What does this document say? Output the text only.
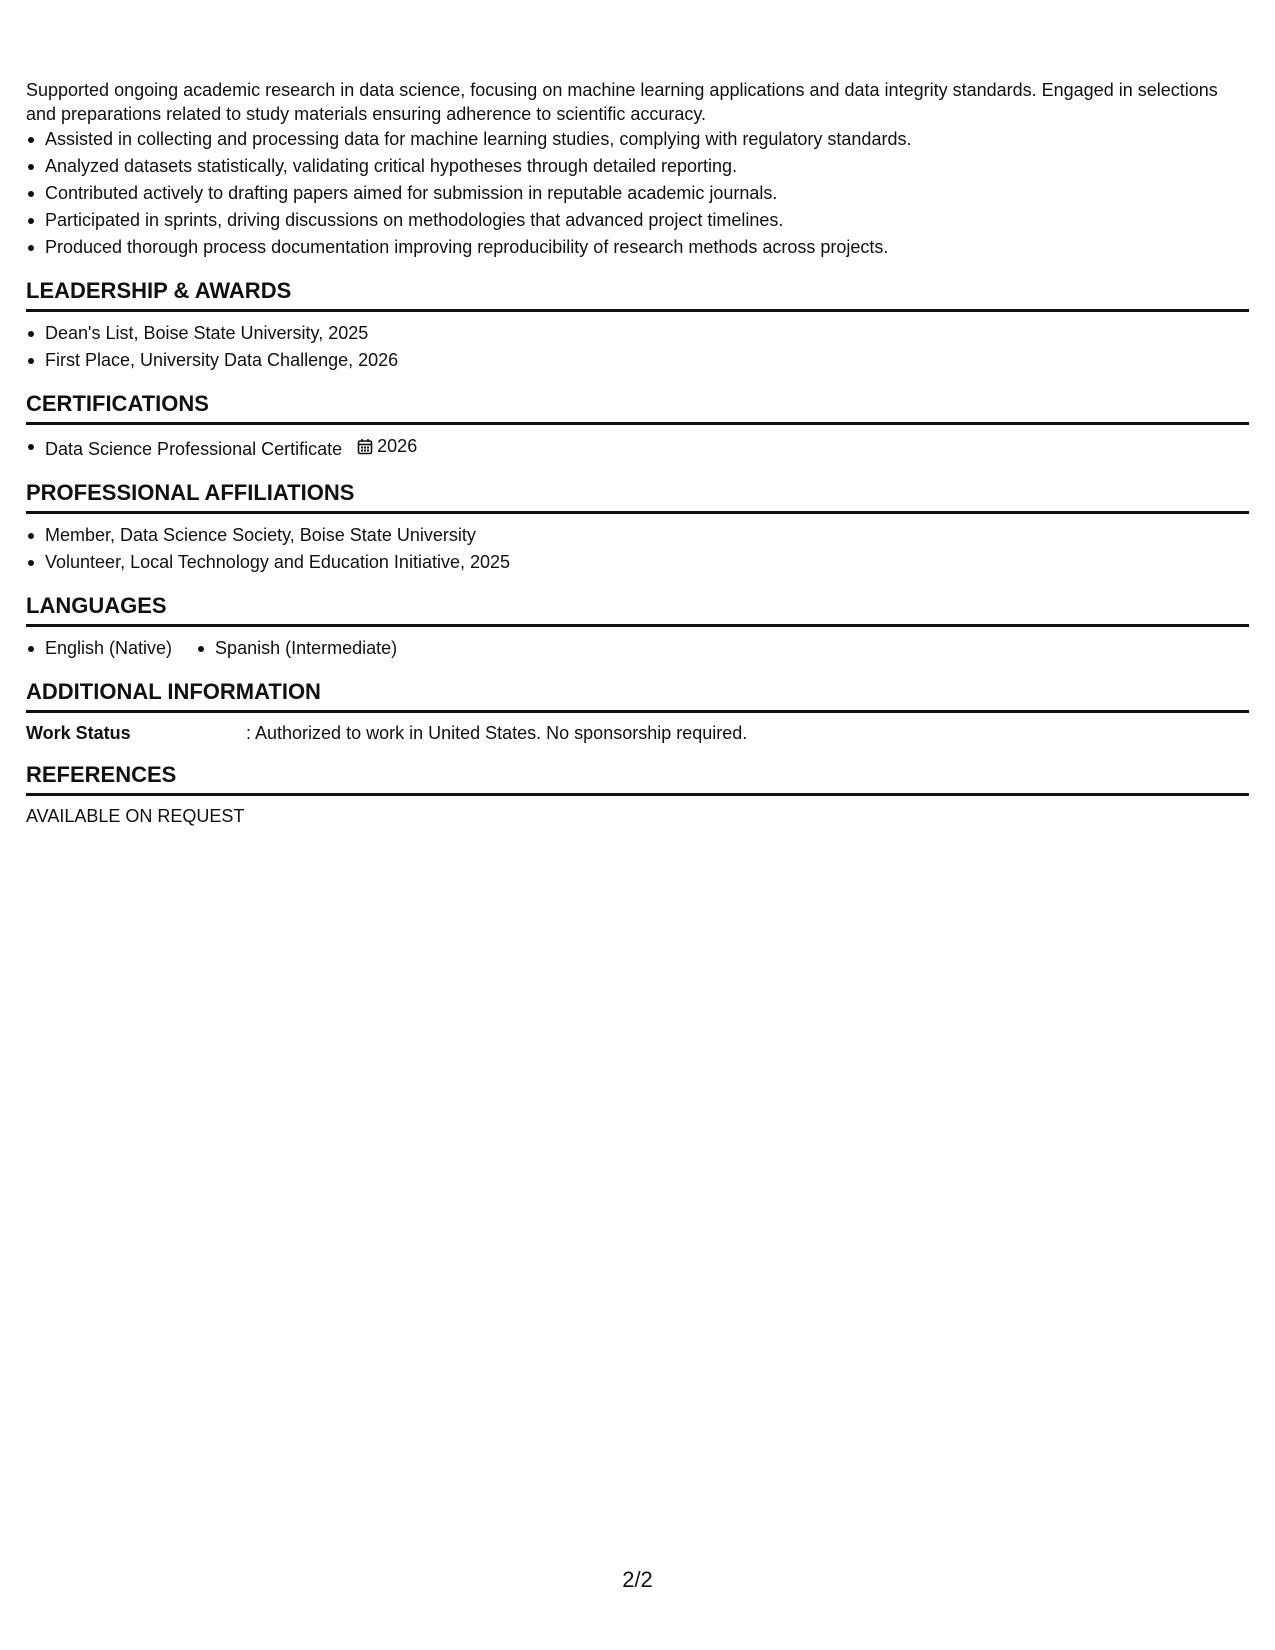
Supported ongoing academic research in data science, focusing on machine learning applications and data integrity standards. Engaged in selections and preparations related to study materials ensuring adherence to scientific accuracy.

Assisted in collecting and processing data for machine learning studies, complying with regulatory standards.
Analyzed datasets statistically, validating critical hypotheses through detailed reporting.
Contributed actively to drafting papers aimed for submission in reputable academic journals.
Participated in sprints, driving discussions on methodologies that advanced project timelines.
Produced thorough process documentation improving reproducibility of research methods across projects.
LEADERSHIP & AWARDS
Dean's List, Boise State University, 2025
First Place, University Data Challenge, 2026
CERTIFICATIONS
Data Science Professional Certificate 2026
PROFESSIONAL AFFILIATIONS
Member, Data Science Society, Boise State University
Volunteer, Local Technology and Education Initiative, 2025
LANGUAGES
English (Native)	Spanish (Intermediate)
ADDITIONAL INFORMATION
Work Status	: Authorized to work in United States. No sponsorship required.
REFERENCES

AVAILABLE ON REQUEST

2/2
